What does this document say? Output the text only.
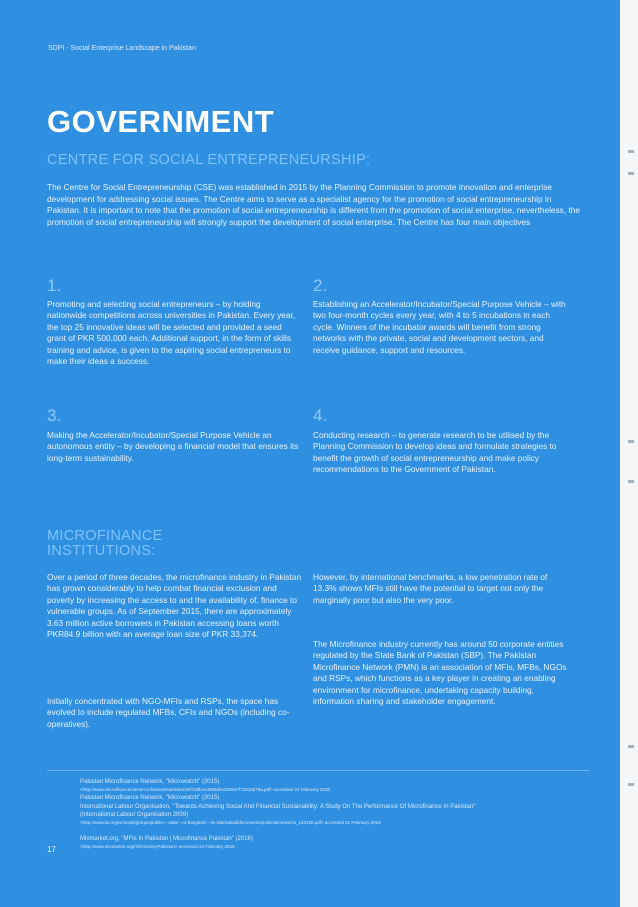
SDPI - Social Enterprise Landscape in Pakistan
GOVERNMENT
CENTRE FOR SOCIAL ENTREPRENEURSHIP:

The Centre for Social Entrepreneurship (CSE) was established in 2015 by the Planning Commission to promote innovation and enterprise development for addressing social issues. The Centre aims to serve as a specialist agency for the promotion of social entrepreneurship in Pakistan. It is important to note that the promotion of social entrepreneurship is different from the promotion of social enterprise, nevertheless, the promotion of social entrepreneurship will strongly support the development of social enterprise. The Centre has four main objectives

1.

Promoting and selecting social entrepreneurs – by holding nationwide competitions across universities in Pakistan. Every year, the top 25 innovative ideas will be selected and provided a seed grant of PKR 500,000 each. Additional support, in the form of skills training and advice, is given to the aspiring social entrepreneurs to make their ideas a success.

2.

Establishing an Accelerator/Incubator/Special Purpose Vehicle – with two four-month cycles every year, with 4 to 5 incubations in each cycle. Winners of the incubator awards will benefit from strong networks with the private, social and development sectors, and receive guidance, support and resources.

3.

Making the Accelerator/Incubator/Special Purpose Vehicle an autonomous entity – by developing a financial model that ensures its long-term sustainability.

4.

Conducting research – to generate research to be utilised by the Planning Commission to develop ideas and formulate strategies to benefit the growth of social entrepreneurship and make policy recommendations to the Government of Pakistan.

MICROFINANCE
INSTITUTIONS:

Over a period of three decades, the microfinance industry in Pakistan has grown considerably to help combat financial exclusion and poverty by increasing the access to and the availability of, finance to vulnerable groups. As of September 2015, there are approximately 3.63 million active borrowers in Pakistan accessing loans worth PKR84.9 billion with an average loan size of PKR 33,374.

Initially concentrated with NGO-MFIs and RSPs, the space has evolved to include regulated MFBs, CFIs and NGOs (including co-operatives).

However, by international benchmarks, a low penetration rate of 13.3% shows MFIs still have the potential to target not only the marginally poor but also the very poor.

The Microfinance industry currently has around 50 corporate entities regulated by the State Bank of Pakistan (SBP). The Pakistan Microfinance Network (PMN) is an association of MFIs, MFBs, NGOs and RSPs, which functions as a key player in creating an enabling environment for microfinance, undertaking capacity building, information sharing and stakeholder engagement.

Pakistan Microfinance Network, "Microwatch" (2015)

<http://www.microfinanceconnect.info/assets/articles/3ef7ddbce3065d4e229e47f72818d79a.pdf> accessed 22 February 2016

Pakistan Microfinance Network, "Microwatch" (2015)

International Labour Organisation, "Towards Achieving Social And Financial Sustainability: A Study On The Performance Of Microfinance In Pakistan" (International Labour Organisation 2009)

<http://www.ilo.org/wcmsp5/groups/public/---asia/---ro-bangkok/---ilo-islamabad/documents/publication/wcms_143165.pdf> accessed 22 February 2016

Mixmarket.org, "MFIs In Pakistan | Microfinance Pakistan" (2016)

<http://www.mixmarket.org/mfi/country/Pakistan> accessed 22 February 2016

17
